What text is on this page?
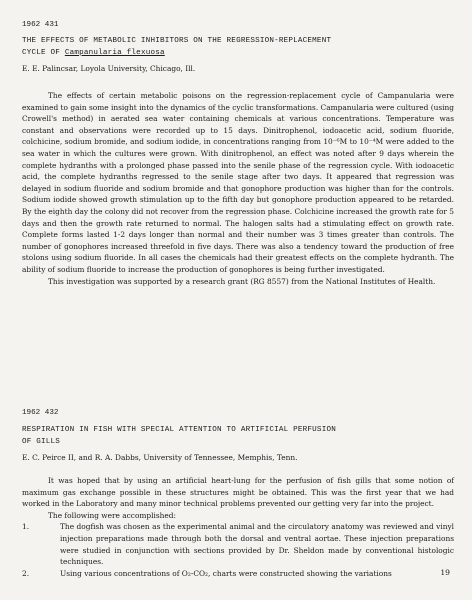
1962 431
THE EFFECTS OF METABOLIC INHIBITORS ON THE REGRESSION-REPLACEMENT
CYCLE OF Campanularia flexuosa
E. E. Palincsar, Loyola University, Chicago, Ill.

The effects of certain metabolic poisons on the regression-replacement cycle of Campanularia were examined to gain some insight into the dynamics of the cyclic transformations. Campanularia were cultured (using Crowell's method) in aerated sea water containing chemicals at various concentrations. Temperature was constant and observations were recorded up to 15 days. Dinitrophenol, iodoacetic acid, sodium fluoride, colchicine, sodium bromide, and sodium iodide, in concentrations ranging from 10⁻⁶M to 10⁻⁴M were added to the sea water in which the cultures were grown. With dinitrophenol, an effect was noted after 9 days wherein the complete hydranths with a prolonged phase passed into the senile phase of the regression cycle. With iodoacetic acid, the complete hydranths regressed to the senile stage after two days. It appeared that regression was delayed in sodium fluoride and sodium bromide and that gonophore production was higher than for the controls. Sodium iodide showed growth stimulation up to the fifth day but gonophore production appeared to be retarded. By the eighth day the colony did not recover from the regression phase. Colchicine increased the growth rate for 5 days and then the growth rate returned to normal. The halogen salts had a stimulating effect on growth rate. Complete forms lasted 1-2 days longer than normal and their number was 3 times greater than controls. The number of gonophores increased threefold in five days. There was also a tendency toward the production of free stolons using sodium fluoride. In all cases the chemicals had their greatest effects on the complete hydranth. The ability of sodium fluoride to increase the production of gonophores is being further investigated.

This investigation was supported by a research grant (RG 8557) from the National Institutes of Health.

1962 432
RESPIRATION IN FISH WITH SPECIAL ATTENTION TO ARTIFICIAL PERFUSION
OF GILLS
E. C. Peirce II, and R. A. Dabbs, University of Tennessee, Memphis, Tenn.

It was hoped that by using an artificial heart-lung for the perfusion of fish gills that some notion of maximum gas exchange possible in these structures might be obtained. This was the first year that we had worked in the Laboratory and many minor technical problems prevented our getting very far into the project.

The following were accomplished:

1.	The dogfish was chosen as the experimental animal and the circulatory anatomy was reviewed and vinyl injection preparations made through both the dorsal and ventral aortae. These injection preparations were studied in conjunction with sections provided by Dr. Sheldon made by conventional histologic techniques.
2.	Using various concentrations of O₂-CO₂, charts were constructed showing the variations	19
